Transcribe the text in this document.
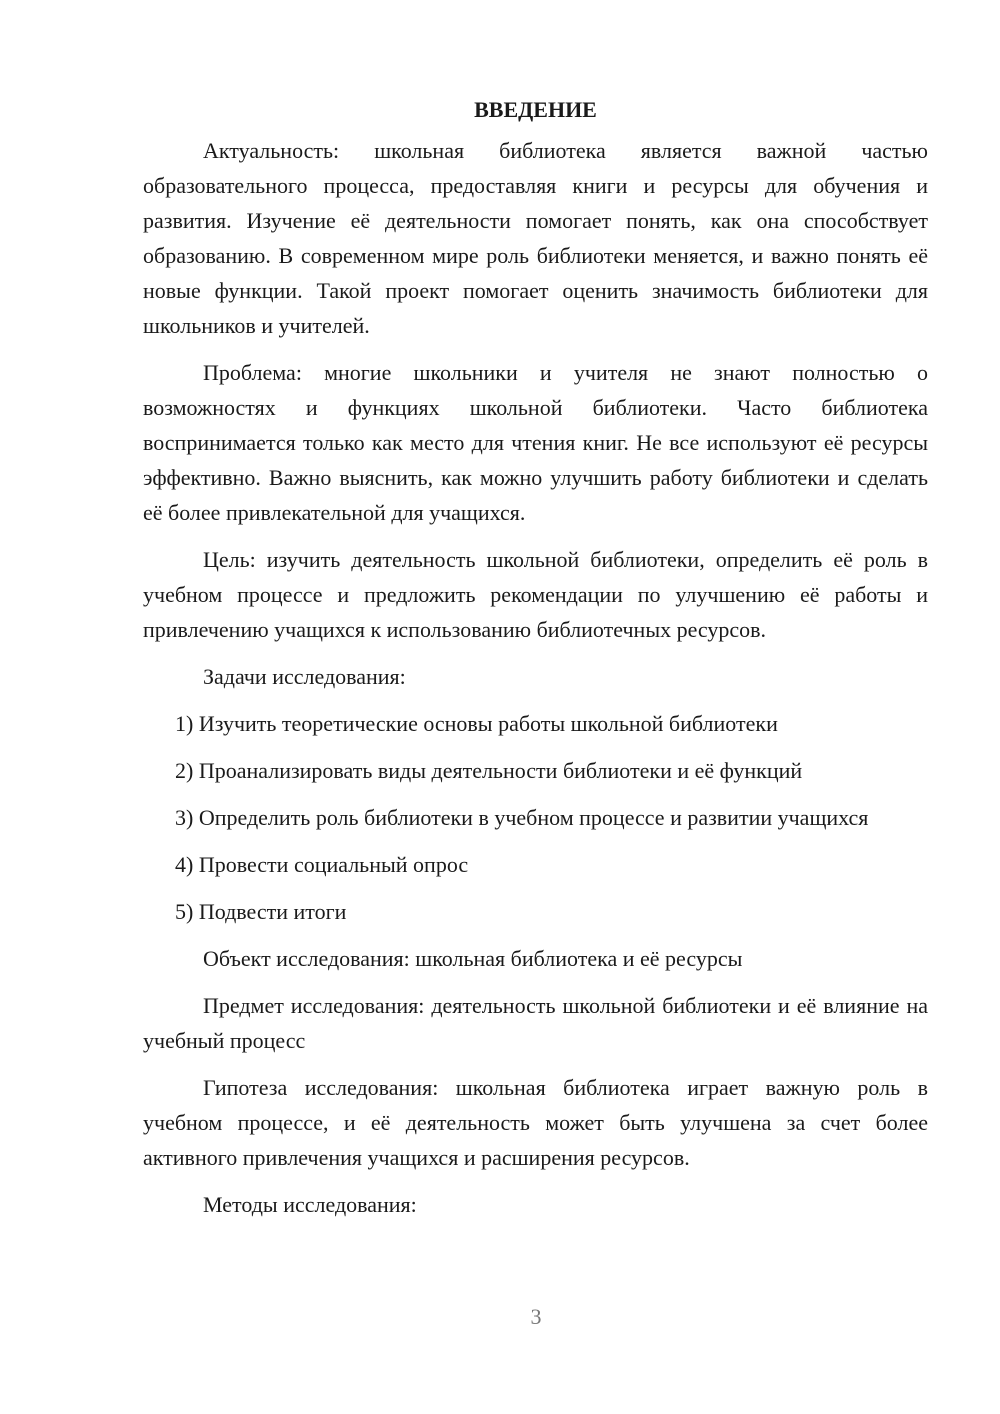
ВВЕДЕНИЕ

Актуальность: школьная библиотека является важной частью образовательного процесса, предоставляя книги и ресурсы для обучения и развития. Изучение её деятельности помогает понять, как она способствует образованию. В современном мире роль библиотеки меняется, и важно понять её новые функции. Такой проект помогает оценить значимость библиотеки для школьников и учителей.

Проблема: многие школьники и учителя не знают полностью о возможностях и функциях школьной библиотеки. Часто библиотека воспринимается только как место для чтения книг. Не все используют её ресурсы эффективно. Важно выяснить, как можно улучшить работу библиотеки и сделать её более привлекательной для учащихся.

Цель: изучить деятельность школьной библиотеки, определить её роль в учебном процессе и предложить рекомендации по улучшению её работы и привлечению учащихся к использованию библиотечных ресурсов.

Задачи исследования:

1) Изучить теоретические основы работы школьной библиотеки

2) Проанализировать виды деятельности библиотеки и её функций

3) Определить роль библиотеки в учебном процессе и развитии учащихся

4) Провести социальный опрос

5) Подвести итоги

Объект исследования: школьная библиотека и её ресурсы

Предмет исследования: деятельность школьной библиотеки и её влияние на учебный процесс

Гипотеза исследования: школьная библиотека играет важную роль в учебном процессе, и её деятельность может быть улучшена за счет более активного привлечения учащихся и расширения ресурсов.

Методы исследования:

3
